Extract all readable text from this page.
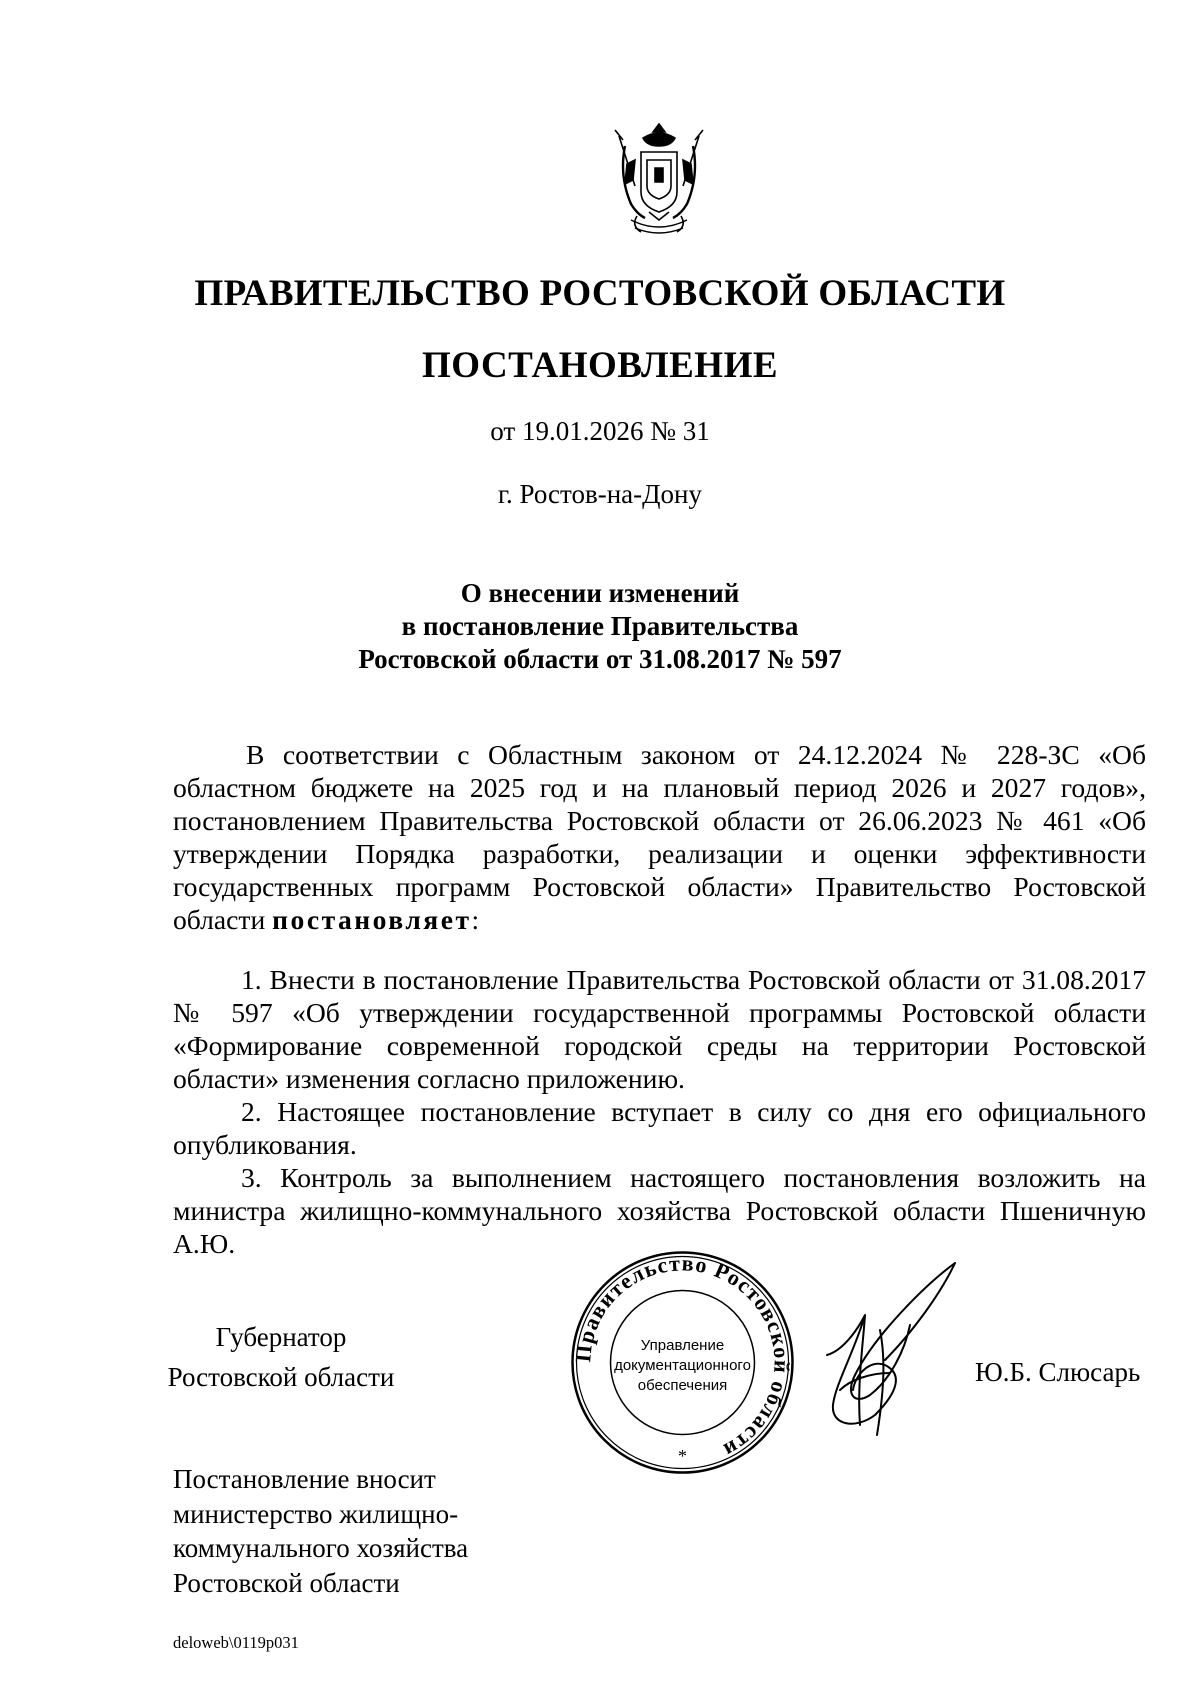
ПРАВИТЕЛЬСТВО РОСТОВСКОЙ ОБЛАСТИ
ПОСТАНОВЛЕНИЕ
от 19.01.2026 № 31
г. Ростов-на-Дону
О внесении изменений
в постановление Правительства
Ростовской области от 31.08.2017 № 597

В соответствии с Областным законом от 24.12.2024 № 228-ЗС «Об областном бюджете на 2025 год и на плановый период 2026 и 2027 годов», постановлением Правительства Ростовской области от 26.06.2023 № 461 «Об утверждении Порядка разработки, реализации и оценки эффективности государственных программ Ростовской области» Правительство Ростовской области постановляет:

1. Внести в постановление Правительства Ростовской области от 31.08.2017 № 597 «Об утверждении государственной программы Ростовской области «Формирование современной городской среды на территории Ростовской области» изменения согласно приложению.

2. Настоящее постановление вступает в силу со дня его официального опубликования.

3. Контроль за выполнением настоящего постановления возложить на министра жилищно-коммунального хозяйства Ростовской области Пшеничную А.Ю.

Губернатор
Ростовской области
Правительство Ростовской области
Управление
документационного
обеспечения
*
Ю.Б. Слюсарь
Постановление вносит
министерство жилищно-
коммунального хозяйства
Ростовской области
deloweb\0119p031
